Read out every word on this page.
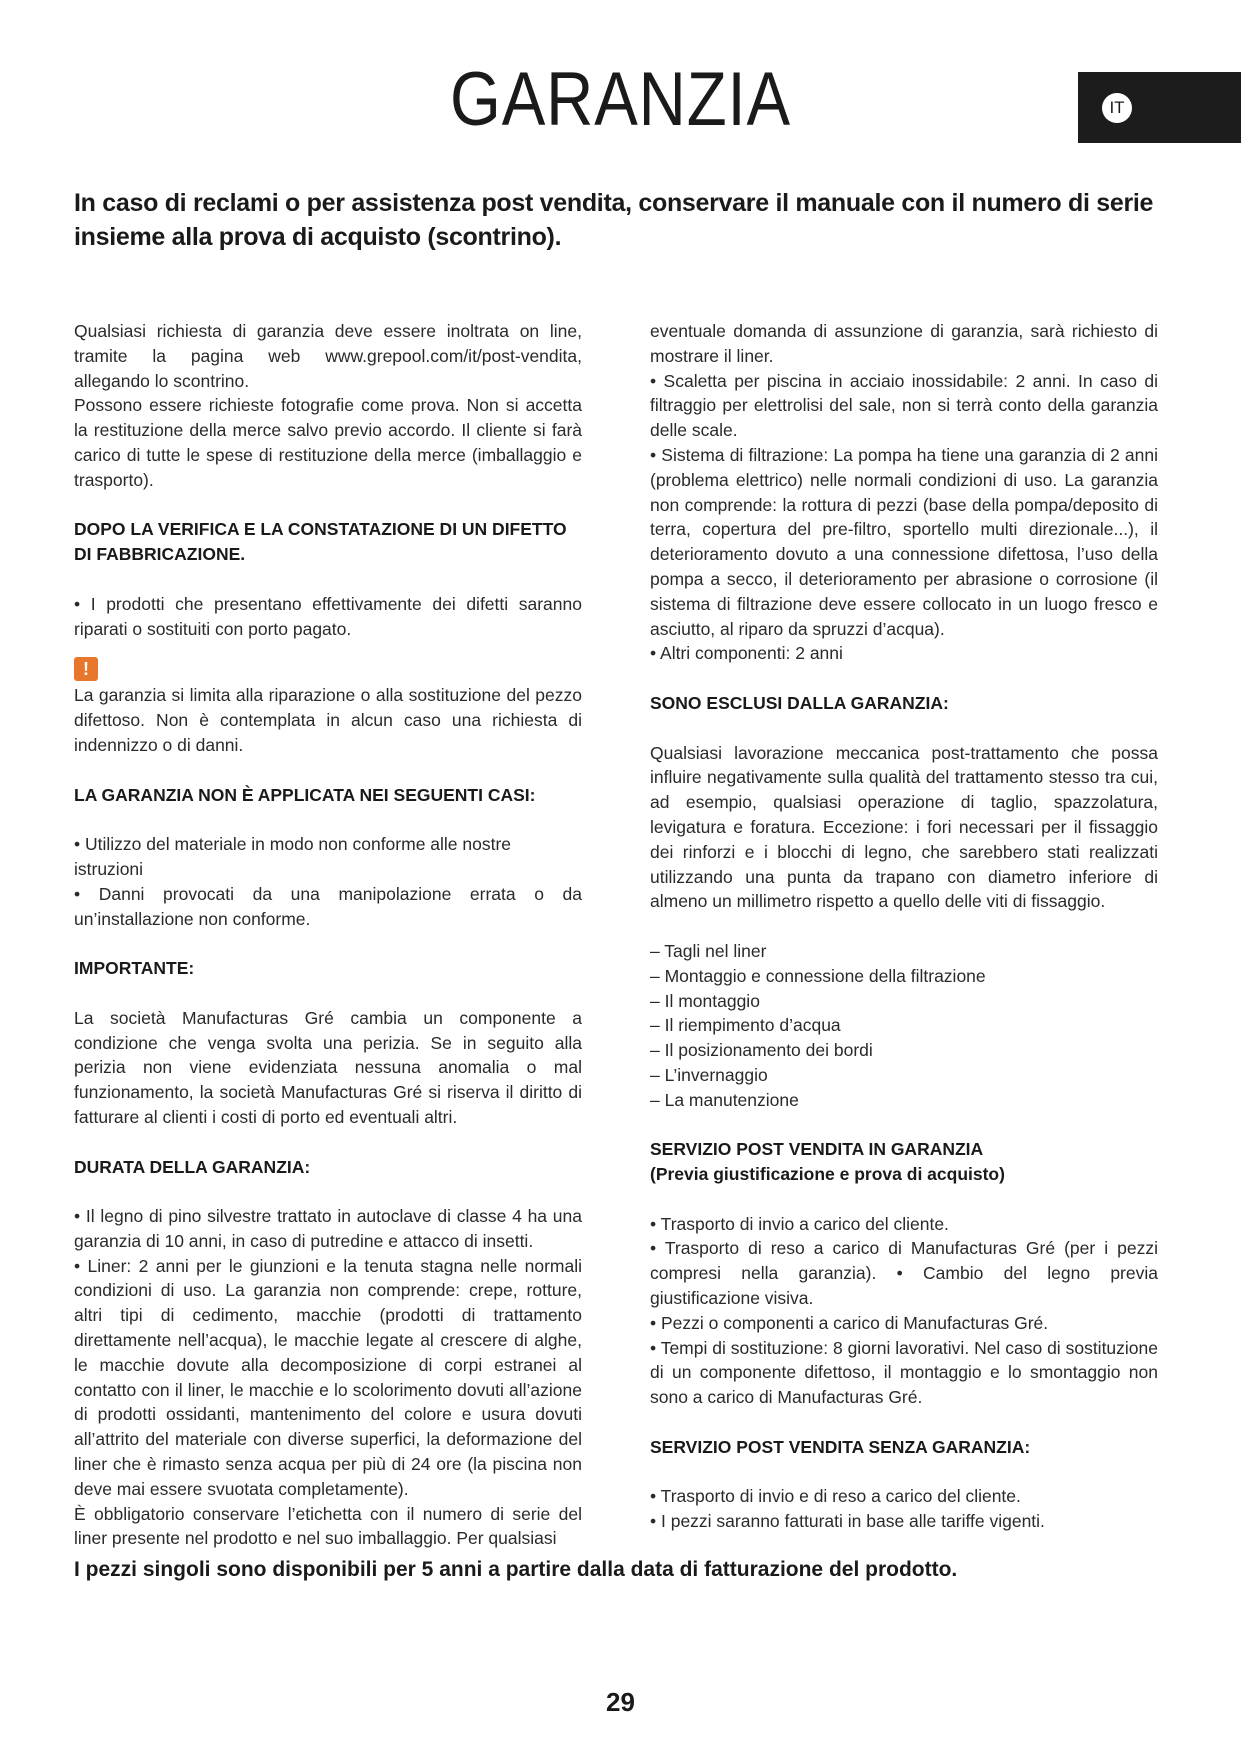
GARANZIA	IT
In caso di reclami o per assistenza post vendita, conservare il manuale con il numero di serie insieme alla prova di acquisto (scontrino).

Qualsiasi richiesta di garanzia deve essere inoltrata on line, tramite la pagina web www.grepool.com/it/post-vendita, allegando lo scontrino.

Possono essere richieste fotografie come prova. Non si accetta la restituzione della merce salvo previo accordo. Il cliente si farà carico di tutte le spese di restituzione della merce (imballaggio e trasporto).

DOPO LA VERIFICA E LA CONSTATAZIONE DI UN DIFETTO DI FABBRICAZIONE.

• I prodotti che presentano effettivamente dei difetti saranno riparati o sostituiti con porto pagato.

!

La garanzia si limita alla riparazione o alla sostituzione del pezzo difettoso. Non è contemplata in alcun caso una richiesta di indennizzo o di danni.

LA GARANZIA NON È APPLICATA NEI SEGUENTI CASI:

• Utilizzo del materiale in modo non conforme alle nostre istruzioni

• Danni provocati da una manipolazione errata o da un’installazione non conforme.

IMPORTANTE:

La società Manufacturas Gré cambia un componente a condizione che venga svolta una perizia. Se in seguito alla perizia non viene evidenziata nessuna anomalia o mal funzionamento, la società Manufacturas Gré si riserva il diritto di fatturare al clienti i costi di porto ed eventuali altri.

DURATA DELLA GARANZIA:

• Il legno di pino silvestre trattato in autoclave di classe 4 ha una garanzia di 10 anni, in caso di putredine e attacco di insetti.

• Liner: 2 anni per le giunzioni e la tenuta stagna nelle normali condizioni di uso. La garanzia non comprende: crepe, rotture, altri tipi di cedimento, macchie (prodotti di trattamento direttamente nell’acqua), le macchie legate al crescere di alghe, le macchie dovute alla decomposizione di corpi estranei al contatto con il liner, le macchie e lo scolorimento dovuti all’azione di prodotti ossidanti, mantenimento del colore e usura dovuti all’attrito del materiale con diverse superfici, la deformazione del liner che è rimasto senza acqua per più di 24 ore (la piscina non deve mai essere svuotata completamente).

È obbligatorio conservare l’etichetta con il numero di serie del liner presente nel prodotto e nel suo imballaggio. Per qualsiasi

eventuale domanda di assunzione di garanzia, sarà richiesto di mostrare il liner.

• Scaletta per piscina in acciaio inossidabile: 2 anni. In caso di filtraggio per elettrolisi del sale, non si terrà conto della garanzia delle scale.

• Sistema di filtrazione: La pompa ha tiene una garanzia di 2 anni (problema elettrico) nelle normali condizioni di uso. La garanzia non comprende: la rottura di pezzi (base della pompa/deposito di terra, copertura del pre-filtro, sportello multi direzionale...), il deterioramento dovuto a una connessione difettosa, l’uso della pompa a secco, il deterioramento per abrasione o corrosione (il sistema di filtrazione deve essere collocato in un luogo fresco e asciutto, al riparo da spruzzi d’acqua).

• Altri componenti: 2 anni

SONO ESCLUSI DALLA GARANZIA:

Qualsiasi lavorazione meccanica post-trattamento che possa influire negativamente sulla qualità del trattamento stesso tra cui, ad esempio, qualsiasi operazione di taglio, spazzolatura, levigatura e foratura. Eccezione: i fori necessari per il fissaggio dei rinforzi e i blocchi di legno, che sarebbero stati realizzati utilizzando una punta da trapano con diametro inferiore di almeno un millimetro rispetto a quello delle viti di fissaggio.

– Tagli nel liner

– Montaggio e connessione della filtrazione

– Il montaggio

– Il riempimento d’acqua

– Il posizionamento dei bordi

– L’invernaggio

– La manutenzione

SERVIZIO POST VENDITA IN GARANZIA

(Previa giustificazione e prova di acquisto)

• Trasporto di invio a carico del cliente.

• Trasporto di reso a carico di Manufacturas Gré (per i pezzi compresi nella garanzia). • Cambio del legno previa giustificazione visiva.

• Pezzi o componenti a carico di Manufacturas Gré.

• Tempi di sostituzione: 8 giorni lavorativi. Nel caso di sostituzione di un componente difettoso, il montaggio e lo smontaggio non sono a carico di Manufacturas Gré.

SERVIZIO POST VENDITA SENZA GARANZIA:

• Trasporto di invio e di reso a carico del cliente.

• I pezzi saranno fatturati in base alle tariffe vigenti.

I pezzi singoli sono disponibili per 5 anni a partire dalla data di fatturazione del prodotto.
29
